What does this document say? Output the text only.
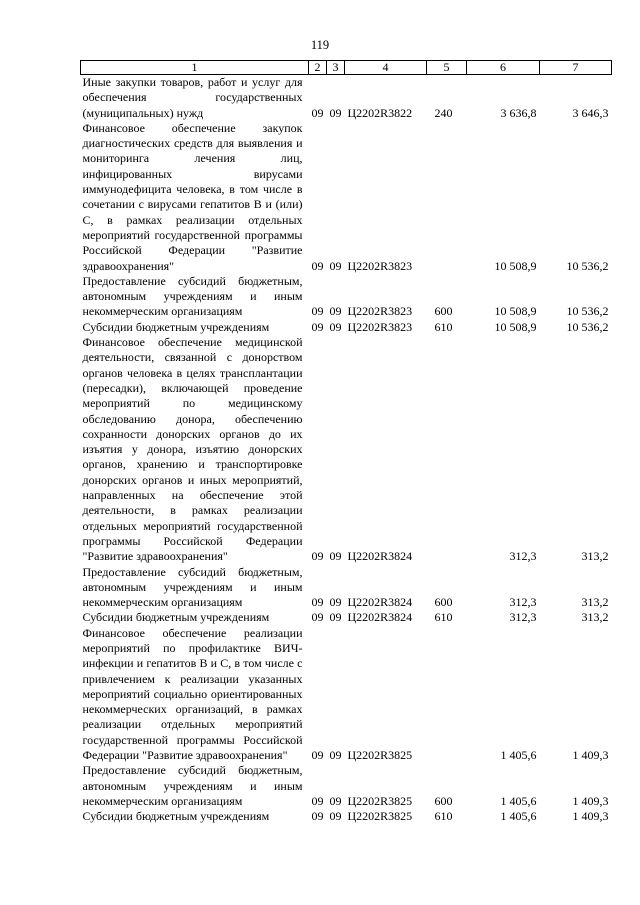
119
1	2	3	4	5	6	7
Иные закупки товаров, работ и услуг для обеспечения государственных (муниципальных) нужд	09	09	Ц2202R3822	240	3 636,8	3 646,3
Финансовое обеспечение закупок диагностических средств для выявления и мониторинга лечения лиц, инфицированных вирусами иммунодефицита человека, в том числе в сочетании с вирусами гепатитов В и (или) С, в рамках реализации отдельных мероприятий государственной программы Российской Федерации "Развитие здравоохранения"	09	09	Ц2202R3823		10 508,9	10 536,2
Предоставление субсидий бюджетным, автономным учреждениям и иным некоммерческим организациям	09	09	Ц2202R3823	600	10 508,9	10 536,2
Субсидии бюджетным учреждениям	09	09	Ц2202R3823	610	10 508,9	10 536,2
Финансовое обеспечение медицинской деятельности, связанной с донорством органов человека в целях трансплантации (пересадки), включающей проведение мероприятий по медицинскому обследованию донора, обеспечению сохранности донорских органов до их изъятия у донора, изъятию донорских органов, хранению и транспортировке донорских органов и иных мероприятий, направленных на обеспечение этой деятельности, в рамках реализации отдельных мероприятий государственной программы Российской Федерации "Развитие здравоохранения"	09	09	Ц2202R3824		312,3	313,2
Предоставление субсидий бюджетным, автономным учреждениям и иным некоммерческим организациям	09	09	Ц2202R3824	600	312,3	313,2
Субсидии бюджетным учреждениям	09	09	Ц2202R3824	610	312,3	313,2
Финансовое обеспечение реализации мероприятий по профилактике ВИЧ-инфекции и гепатитов В и С, в том числе с привлечением к реализации указанных мероприятий социально ориентированных некоммерческих организаций, в рамках реализации отдельных мероприятий государственной программы Российской Федерации "Развитие здравоохранения"	09	09	Ц2202R3825		1 405,6	1 409,3
Предоставление субсидий бюджетным, автономным учреждениям и иным некоммерческим организациям	09	09	Ц2202R3825	600	1 405,6	1 409,3
Субсидии бюджетным учреждениям	09	09	Ц2202R3825	610	1 405,6	1 409,3
